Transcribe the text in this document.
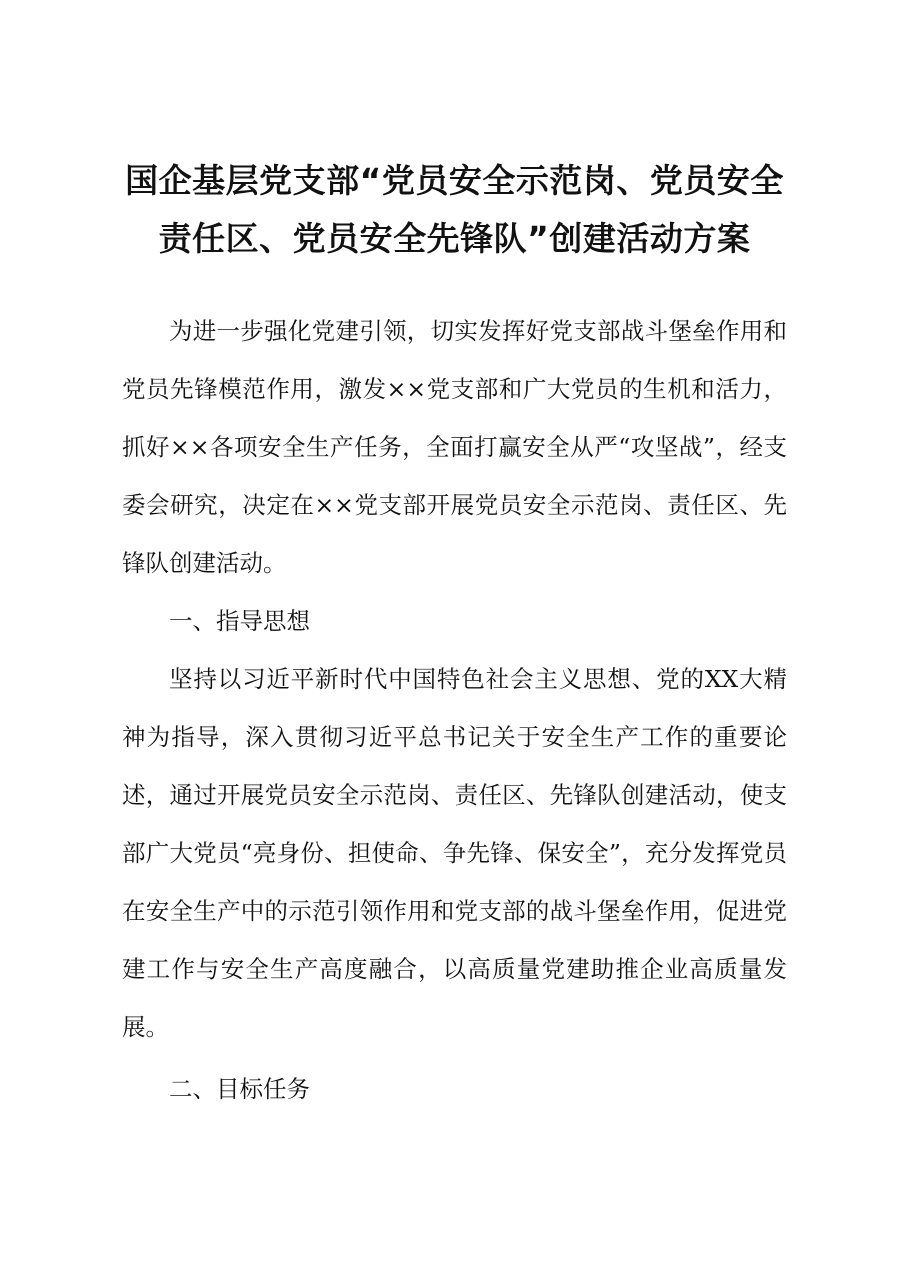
国企基层党支部“党员安全示范岗、党员安全
责任区、党员安全先锋队”创建活动方案

为进一步强化党建引领，切实发挥好党支部战斗堡垒作用和党员先锋模范作用，激发××党支部和广大党员的生机和活力，抓好××各项安全生产任务，全面打赢安全从严“攻坚战”，经支委会研究，决定在××党支部开展党员安全示范岗、责任区、先锋队创建活动。

一、指导思想

坚持以习近平新时代中国特色社会主义思想、党的XX大精神为指导，深入贯彻习近平总书记关于安全生产工作的重要论述，通过开展党员安全示范岗、责任区、先锋队创建活动，使支部广大党员“亮身份、担使命、争先锋、保安全”，充分发挥党员在安全生产中的示范引领作用和党支部的战斗堡垒作用，促进党建工作与安全生产高度融合，以高质量党建助推企业高质量发展。

二、目标任务
